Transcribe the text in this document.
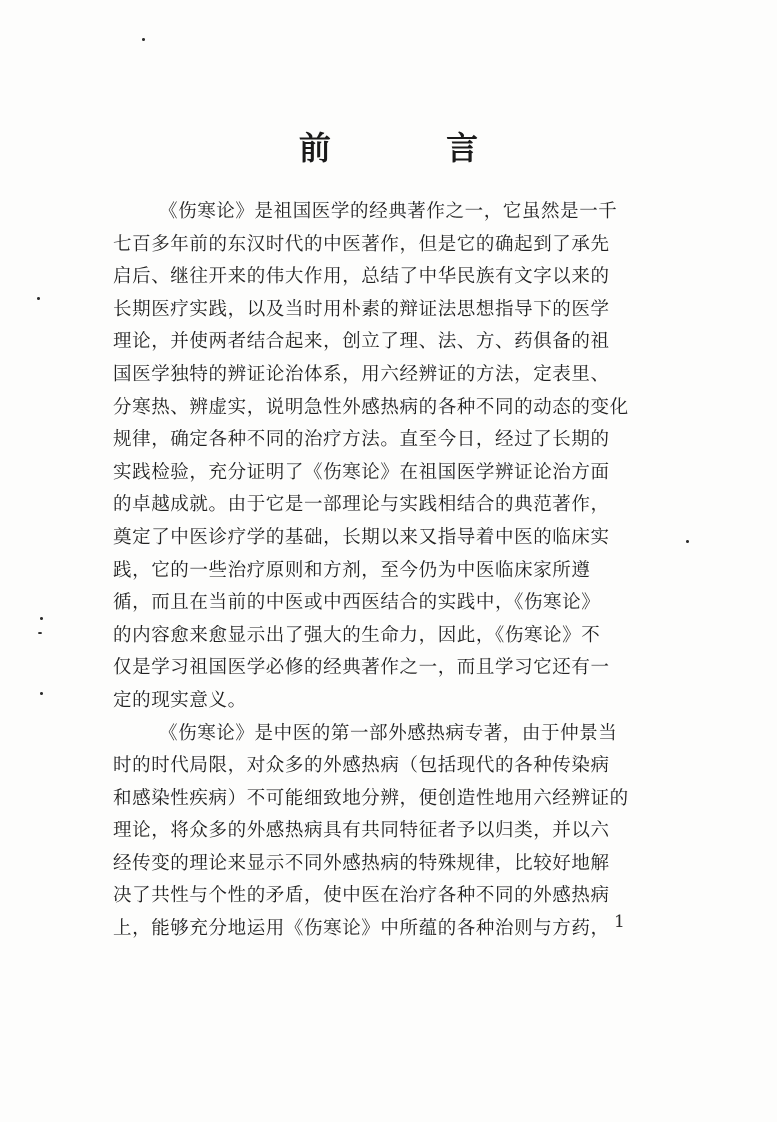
前 言
《伤寒论》是祖国医学的经典著作之一，它虽然是一千
七百多年前的东汉时代的中医著作，但是它的确起到了承先
启后、继往开来的伟大作用，总结了中华民族有文字以来的
长期医疗实践，以及当时用朴素的辩证法思想指导下的医学
理论，并使两者结合起来，创立了理、法、方、药俱备的祖
国医学独特的辨证论治体系，用六经辨证的方法，定表里、
分寒热、辨虚实，说明急性外感热病的各种不同的动态的变化
规律，确定各种不同的治疗方法。直至今日，经过了长期的
实践检验，充分证明了《伤寒论》在祖国医学辨证论治方面
的卓越成就。由于它是一部理论与实践相结合的典范著作，
奠定了中医诊疗学的基础，长期以来又指导着中医的临床实
践，它的一些治疗原则和方剂，至今仍为中医临床家所遵
循，而且在当前的中医或中西医结合的实践中，《伤寒论》
的内容愈来愈显示出了强大的生命力，因此，《伤寒论》不
仅是学习祖国医学必修的经典著作之一，而且学习它还有一
定的现实意义。
《伤寒论》是中医的第一部外感热病专著，由于仲景当
时的时代局限，对众多的外感热病（包括现代的各种传染病
和感染性疾病）不可能细致地分辨，便创造性地用六经辨证的
理论，将众多的外感热病具有共同特征者予以归类，并以六
经传变的理论来显示不同外感热病的特殊规律，比较好地解
决了共性与个性的矛盾，使中医在治疗各种不同的外感热病
上，能够充分地运用《伤寒论》中所蕴的各种治则与方药， 1
